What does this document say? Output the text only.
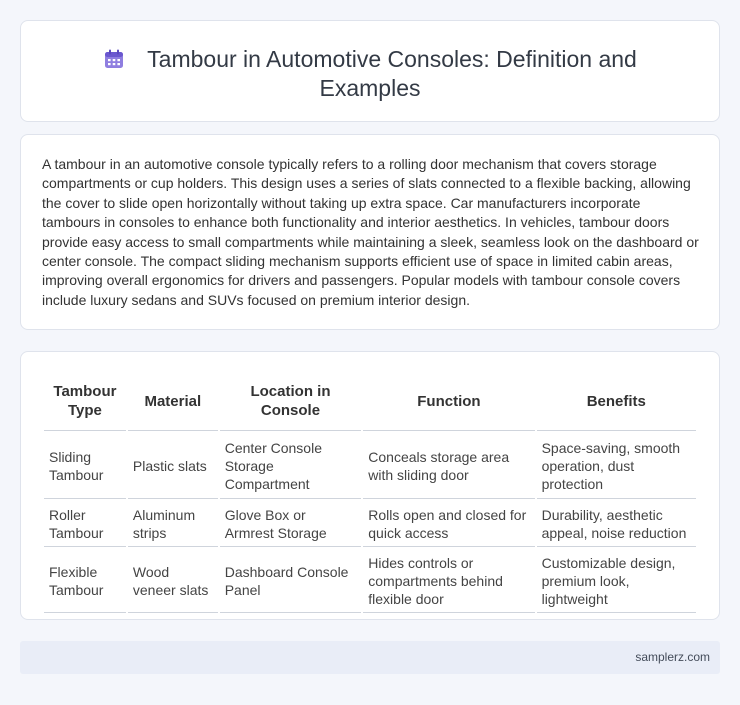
Tambour in Automotive Consoles: Definition and
Examples

A tambour in an automotive console typically refers to a rolling door mechanism that covers storage compartments or cup holders. This design uses a series of slats connected to a flexible backing, allowing the cover to slide open horizontally without taking up extra space. Car manufacturers incorporate tambours in consoles to enhance both functionality and interior aesthetics. In vehicles, tambour doors provide easy access to small compartments while maintaining a sleek, seamless look on the dashboard or center console. The compact sliding mechanism supports efficient use of space in limited cabin areas, improving overall ergonomics for drivers and passengers. Popular models with tambour console covers include luxury sedans and SUVs focused on premium interior design.

Tambour Type	Material	Location in Console	Function	Benefits
Sliding Tambour	Plastic slats	Center Console Storage Compartment	Conceals storage area with sliding door	Space-saving, smooth operation, dust protection
Roller Tambour	Aluminum strips	Glove Box or Armrest Storage	Rolls open and closed for quick access	Durability, aesthetic appeal, noise reduction
Flexible Tambour	Wood veneer slats	Dashboard Console Panel	Hides controls or compartments behind flexible door	Customizable design, premium look, lightweight
samplerz.com
